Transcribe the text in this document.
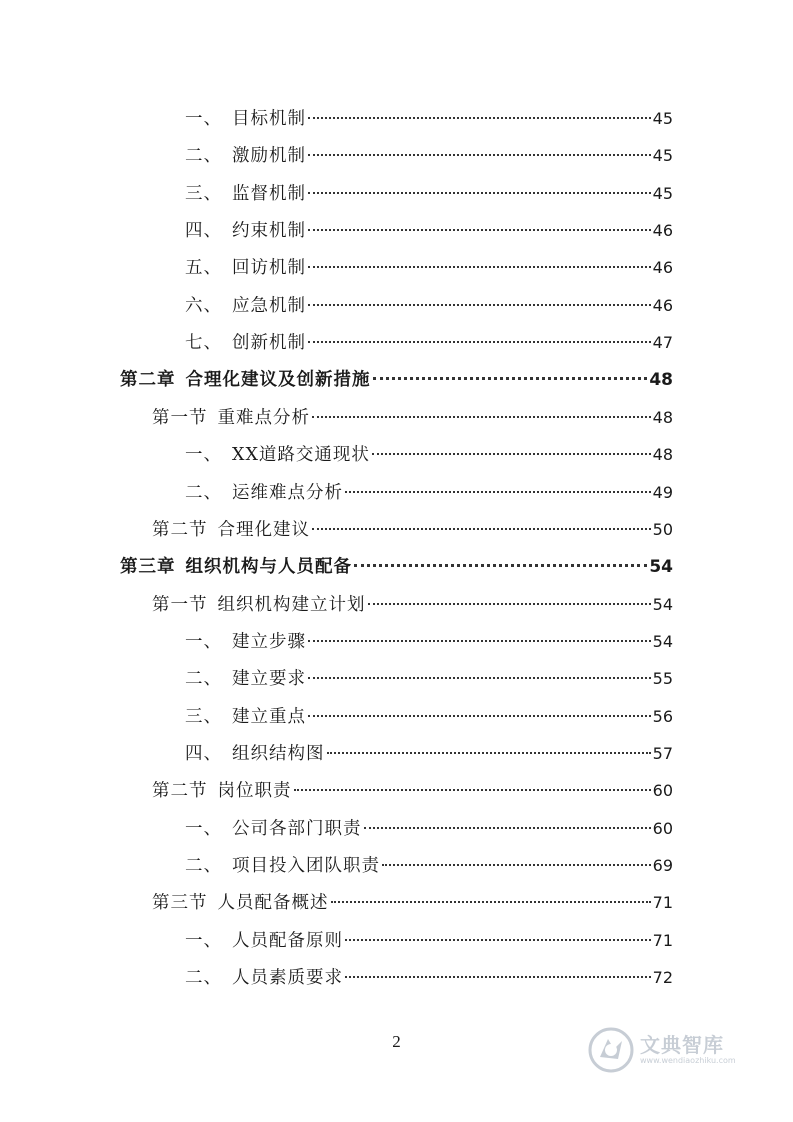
一、 目标机制	45
二、 激励机制	45
三、 监督机制	45
四、 约束机制	46
五、 回访机制	46
六、 应急机制	46
七、 创新机制	47
第二章 合理化建议及创新措施	48
第一节 重难点分析	48
一、 XX道路交通现状	48
二、 运维难点分析	49
第二节 合理化建议	50
第三章 组织机构与人员配备	54
第一节 组织机构建立计划	54
一、 建立步骤	54
二、 建立要求	55
三、 建立重点	56
四、 组织结构图	57
第二节 岗位职责	60
一、 公司各部门职责	60
二、 项目投入团队职责	69
第三节 人员配备概述	71
一、 人员配备原则	71
二、 人员素质要求	72
2	文典智库
www.wendiaozhiku.com
